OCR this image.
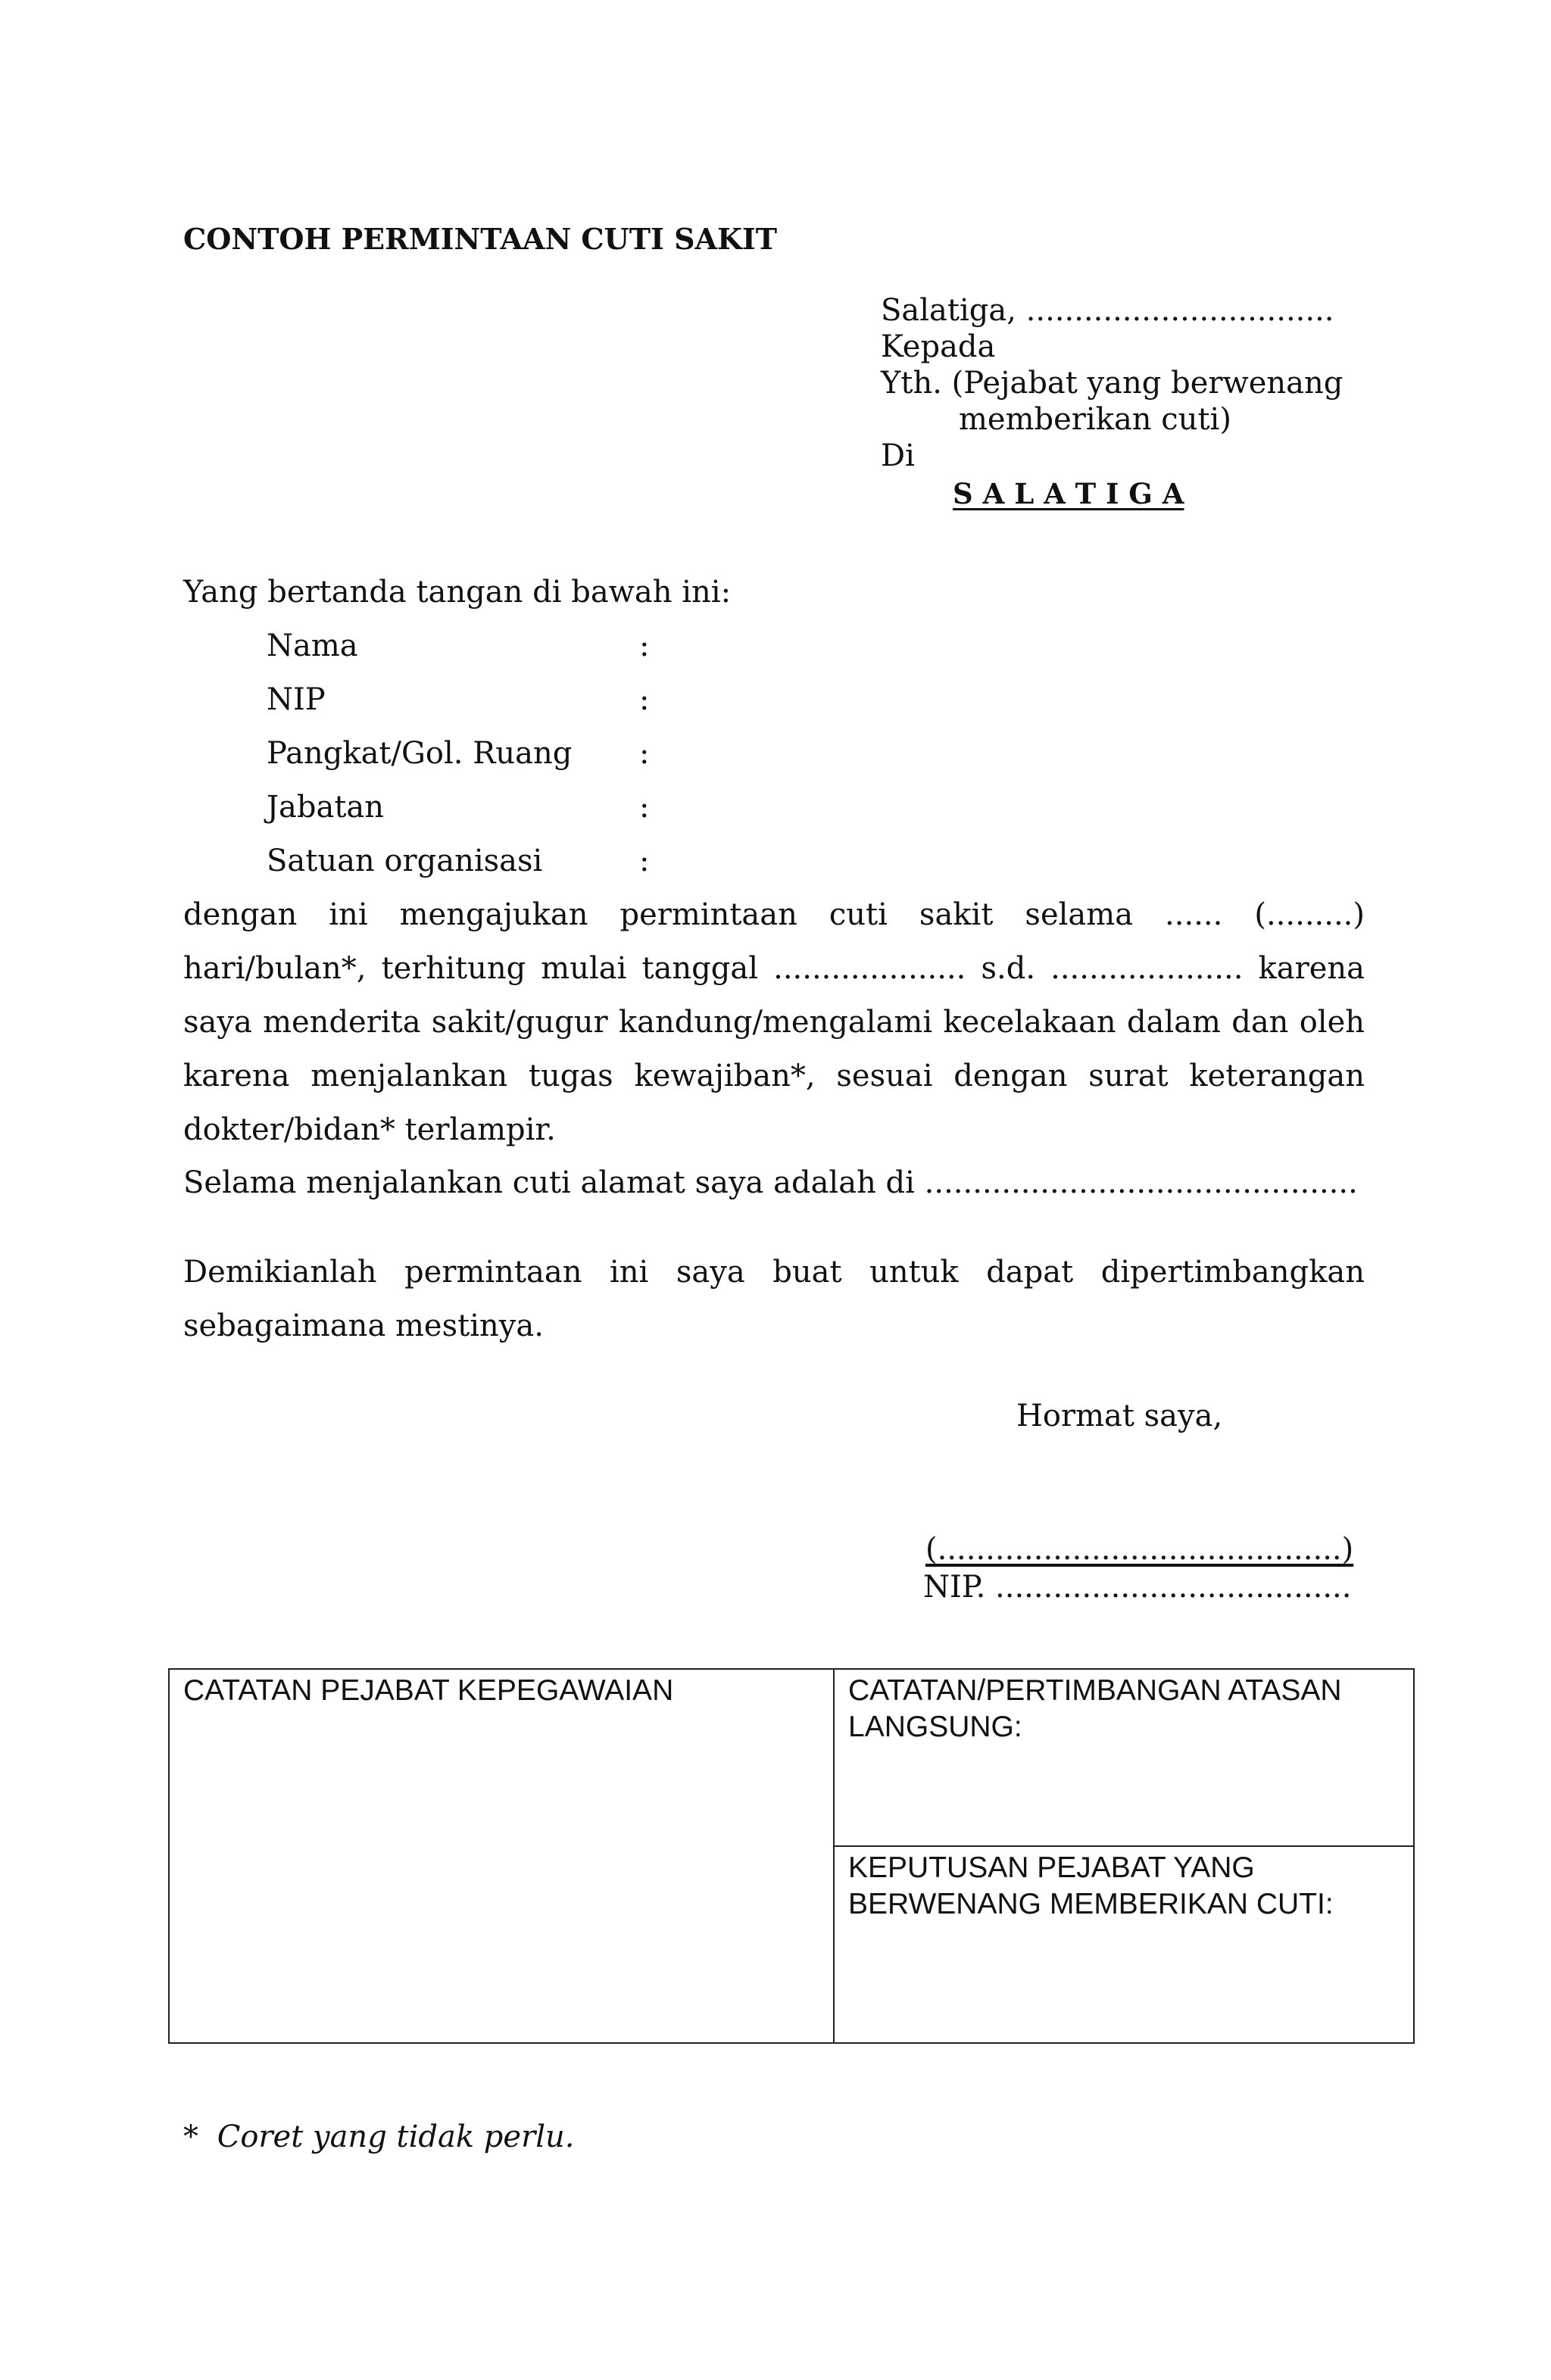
CONTOH PERMINTAAN CUTI SAKIT
Salatiga, ................................
Kepada
Yth. (Pejabat yang berwenang
memberikan cuti)
Di
S A L A T I G A
Yang bertanda tangan di bawah ini:
Nama	:
NIP	:
Pangkat/Gol. Ruang :
Jabatan	:
Satuan organisasi	:
dengan ini mengajukan permintaan cuti sakit selama ...... (.........)
hari/bulan*, terhitung mulai tanggal .................... s.d. .................... karena
saya menderita sakit/gugur kandung/mengalami kecelakaan dalam dan oleh
karena menjalankan tugas kewajiban*, sesuai dengan surat keterangan
dokter/bidan* terlampir.
Selama menjalankan cuti alamat saya adalah di .............................................
Demikianlah permintaan ini saya buat untuk dapat dipertimbangkan
sebagaimana mestinya.
Hormat saya,
(..........................................)
NIP. .....................................
CATATAN PEJABAT KEPEGAWAIAN	CATATAN/PERTIMBANGAN ATASAN
LANGSUNG:

KEPUTUSAN PEJABAT YANG
BERWENANG MEMBERIKAN CUTI:
* Coret yang tidak perlu.
